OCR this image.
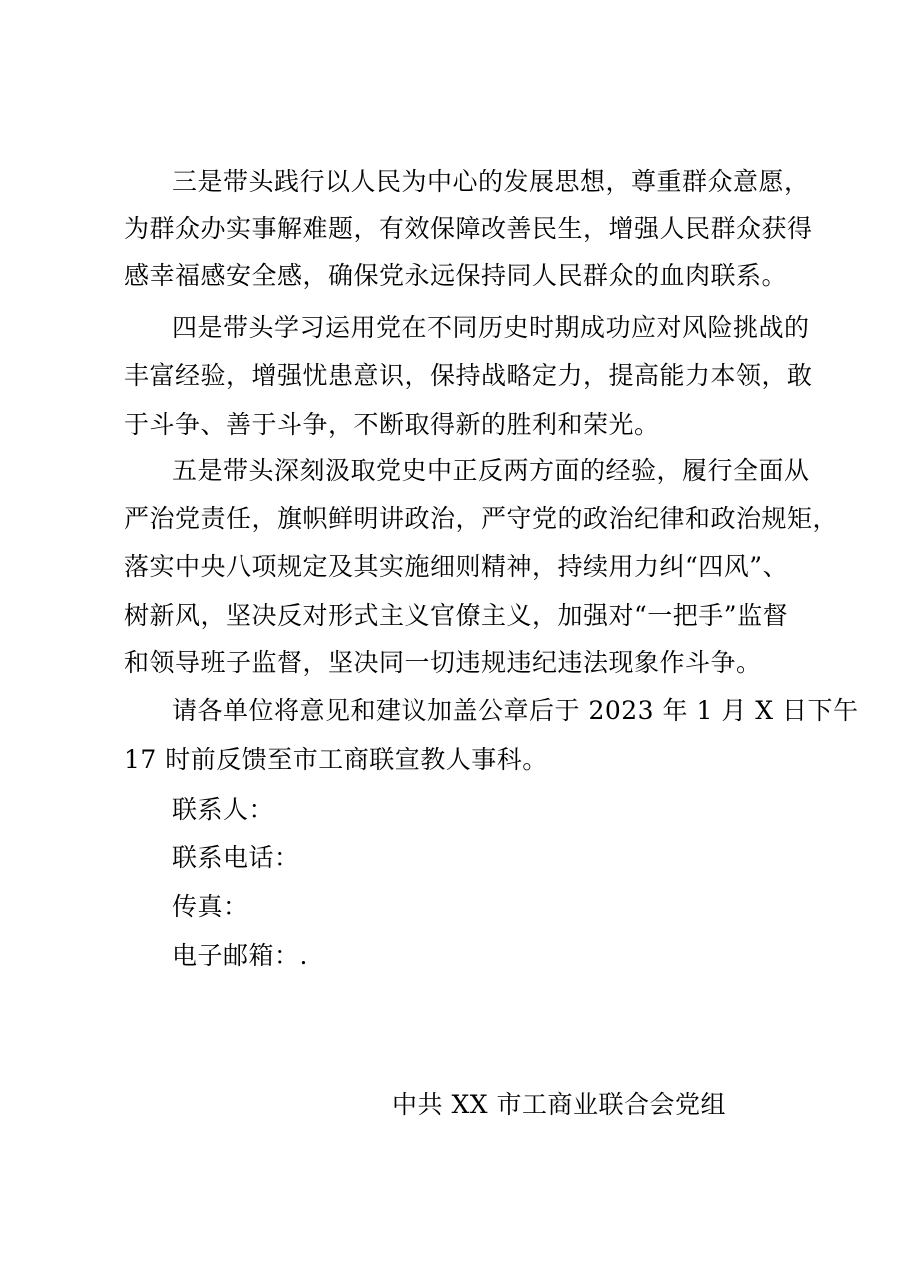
三是带头践行以人民为中心的发展思想，尊重群众意愿，
为群众办实事解难题，有效保障改善民生，增强人民群众获得
感幸福感安全感，确保党永远保持同人民群众的血肉联系。
四是带头学习运用党在不同历史时期成功应对风险挑战的
丰富经验，增强忧患意识，保持战略定力，提高能力本领，敢
于斗争、善于斗争，不断取得新的胜利和荣光。
五是带头深刻汲取党史中正反两方面的经验，履行全面从
严治党责任，旗帜鲜明讲政治，严守党的政治纪律和政治规矩，
落实中央八项规定及其实施细则精神，持续用力纠“四风”、
树新风，坚决反对形式主义官僚主义，加强对“一把手”监督
和领导班子监督，坚决同一切违规违纪违法现象作斗争。
请各单位将意见和建议加盖公章后于 2023 年 1 月 X 日下午
17 时前反馈至市工商联宣教人事科。
联系人：
联系电话：
传真：
电子邮箱：.
中共 XX 市工商业联合会党组
